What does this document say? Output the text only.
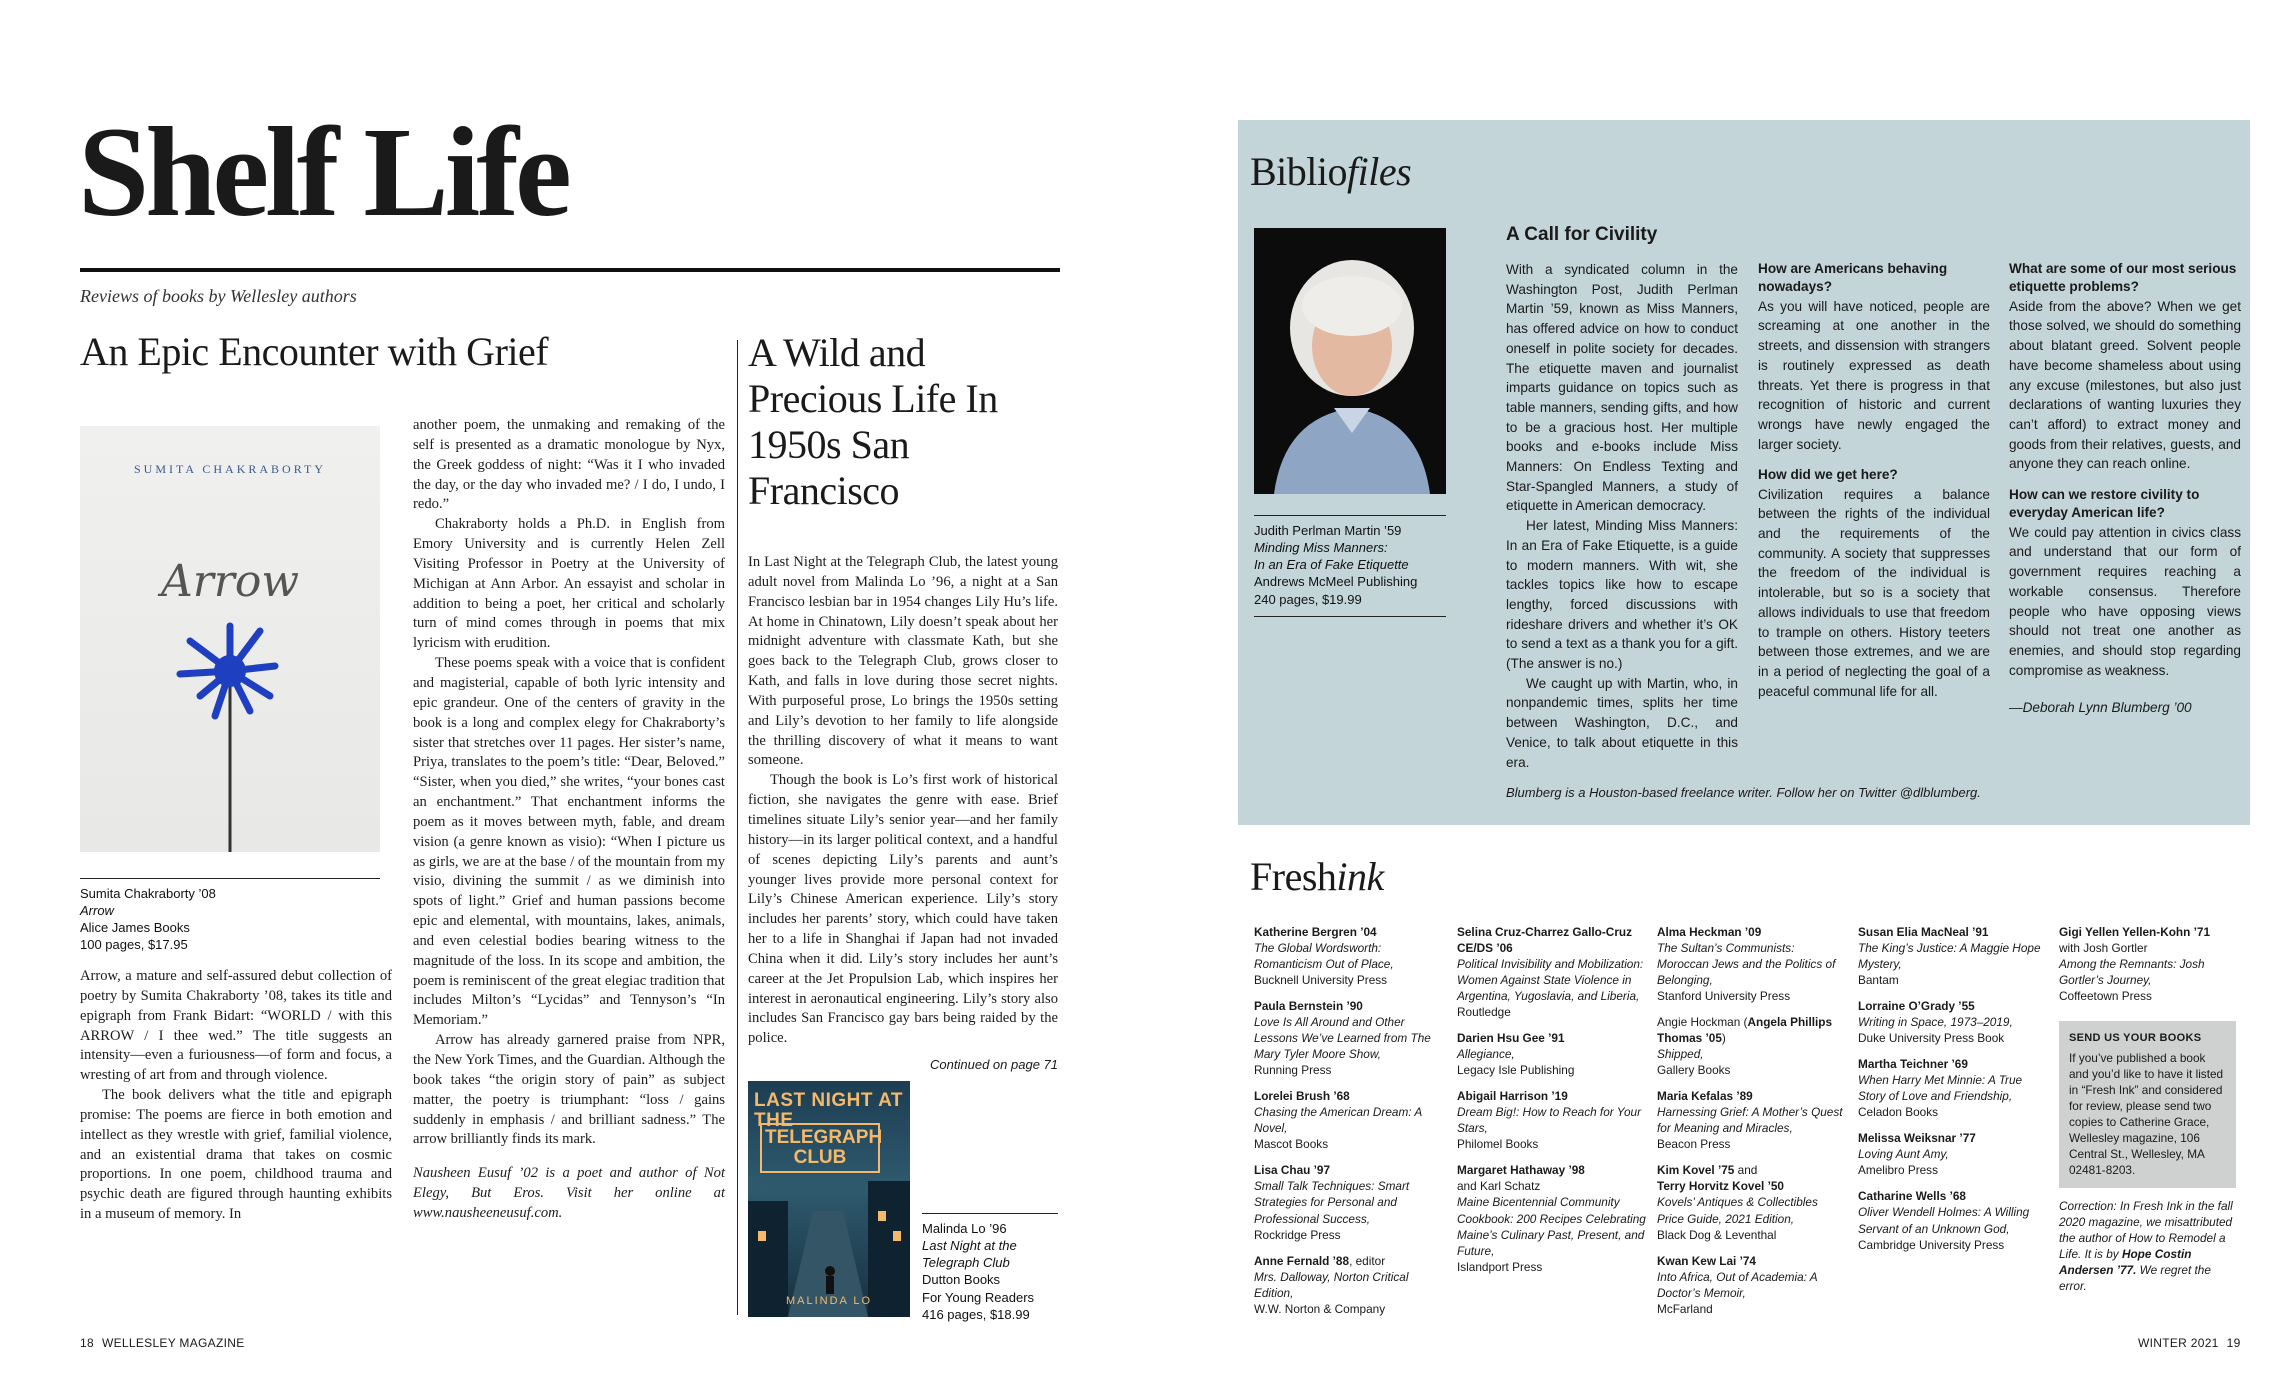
Shelf Life
Reviews of books by Wellesley authors
An Epic Encounter with Grief
SUMITA CHAKRABORTY
Arrow
Sumita Chakraborty ’08
Arrow
Alice James Books
100 pages, $17.95

Arrow, a mature and self-assured debut collection of poetry by Sumita Chakraborty ’08, takes its title and epigraph from Frank Bidart: “WORLD / with this ARROW / I thee wed.” The title suggests an intensity—even a furiousness—of form and focus, a wresting of art from and through violence.

The book delivers what the title and epigraph promise: The poems are fierce in both emotion and intellect as they wrestle with grief, familial violence, and an existential drama that takes on cosmic proportions. In one poem, childhood trauma and psychic death are figured through haunting exhibits in a museum of memory. In

another poem, the unmaking and remaking of the self is presented as a dramatic monologue by Nyx, the Greek goddess of night: “Was it I who invaded the day, or the day who invaded me? / I do, I undo, I redo.”

Chakraborty holds a Ph.D. in English from Emory University and is currently Helen Zell Visiting Professor in Poetry at the University of Michigan at Ann Arbor. An essayist and scholar in addition to being a poet, her critical and scholarly turn of mind comes through in poems that mix lyricism with erudition.

These poems speak with a voice that is confident and magisterial, capable of both lyric intensity and epic grandeur. One of the centers of gravity in the book is a long and complex elegy for Chakraborty’s sister that stretches over 11 pages. Her sister’s name, Priya, translates to the poem’s title: “Dear, Beloved.” “Sister, when you died,” she writes, “your bones cast an enchantment.” That enchantment informs the poem as it moves between myth, fable, and dream vision (a genre known as visio): “When I picture us as girls, we are at the base / of the mountain from my visio, divining the summit / as we diminish into spots of light.” Grief and human passions become epic and elemental, with mountains, lakes, animals, and even celestial bodies bearing witness to the magnitude of the loss. In its scope and ambition, the poem is reminiscent of the great elegiac tradition that includes Milton’s “Lycidas” and Tennyson’s “In Memoriam.”

Arrow has already garnered praise from NPR, the New York Times, and the Guardian. Although the book takes “the origin story of pain” as subject matter, the poetry is triumphant: “loss / gains suddenly in emphasis / and brilliant sadness.” The arrow brilliantly finds its mark.

Nausheen Eusuf ’02 is a poet and author of Not Elegy, But Eros. Visit her online at www.nausheeneusuf.com.

A Wild and Precious Life In 1950s San Francisco

In Last Night at the Telegraph Club, the latest young adult novel from Malinda Lo ’96, a night at a San Francisco lesbian bar in 1954 changes Lily Hu’s life. At home in Chinatown, Lily doesn’t speak about her midnight adventure with classmate Kath, but she goes back to the Telegraph Club, grows closer to Kath, and falls in love during those secret nights. With purposeful prose, Lo brings the 1950s setting and Lily’s devotion to her family to life alongside the thrilling discovery of what it means to want someone.

Though the book is Lo’s first work of historical fiction, she navigates the genre with ease. Brief timelines situate Lily’s senior year—and her family history—in its larger political context, and a handful of scenes depicting Lily’s parents and aunt’s younger lives provide more personal context for Lily’s Chinese American experience. Lily’s story includes her parents’ story, which could have taken her to a life in Shanghai if Japan had not invaded China when it did. Lily’s story includes her aunt’s career at the Jet Propulsion Lab, which inspires her interest in aeronautical engineering. Lily’s story also includes San Francisco gay bars being raided by the police.

Continued on page 71
LAST NIGHT AT THE
TELEGRAPH CLUB
MALINDA LO
Malinda Lo ’96
Last Night at the Telegraph Club
Dutton Books
For Young Readers
416 pages, $18.99
18 WELLESLEY MAGAZINE
Bibliofiles
Judith Perlman Martin ’59
Minding Miss Manners:
In an Era of Fake Etiquette
Andrews McMeel Publishing
240 pages, $19.99
A Call for Civility

With a syndicated column in the Washington Post, Judith Perlman Martin ’59, known as Miss Manners, has offered advice on how to conduct oneself in polite society for decades. The etiquette maven and journalist imparts guidance on topics such as table manners, sending gifts, and how to be a gracious host. Her multiple books and e-books include Miss Manners: On Endless Texting and Star-Spangled Manners, a study of etiquette in American democracy.

Her latest, Minding Miss Manners: In an Era of Fake Etiquette, is a guide to modern manners. With wit, she tackles topics like how to escape lengthy, forced discussions with rideshare drivers and whether it’s OK to send a text as a thank you for a gift. (The answer is no.)

We caught up with Martin, who, in nonpandemic times, splits her time between Washington, D.C., and Venice, to talk about etiquette in this era.

How are Americans behaving nowadays?

As you will have noticed, people are screaming at one another in the streets, and dissension with strangers is routinely expressed as death threats. Yet there is progress in that recognition of historic and current wrongs have newly engaged the larger society.

How did we get here?

Civilization requires a balance between the rights of the individual and the requirements of the community. A society that suppresses the freedom of the individual is intolerable, but so is a society that allows individuals to use that freedom to trample on others. History teeters between those extremes, and we are in a period of neglecting the goal of a peaceful communal life for all.

What are some of our most serious etiquette problems?

Aside from the above? When we get those solved, we should do something about blatant greed. Solvent people have become shameless about using any excuse (milestones, but also just declarations of wanting luxuries they can’t afford) to extract money and goods from their relatives, guests, and anyone they can reach online.

How can we restore civility to everyday American life?

We could pay attention in civics class and understand that our form of government requires reaching a workable consensus. Therefore people who have opposing views should not treat one another as enemies, and should stop regarding compromise as weakness.

—Deborah Lynn Blumberg ’00
Blumberg is a Houston-based freelance writer. Follow her on Twitter @dlblumberg.
Freshink
Katherine Bergren ’04
The Global Wordsworth: Romanticism Out of Place,
Bucknell University Press
Paula Bernstein ’90
Love Is All Around and Other Lessons We’ve Learned from The Mary Tyler Moore Show,
Running Press
Lorelei Brush ’68
Chasing the American Dream: A Novel,
Mascot Books
Lisa Chau ’97
Small Talk Techniques: Smart Strategies for Personal and Professional Success,
Rockridge Press
Anne Fernald ’88, editor
Mrs. Dalloway, Norton Critical Edition,
W.W. Norton & Company
Selina Cruz-Charrez Gallo-Cruz CE/DS ’06
Political Invisibility and Mobilization: Women Against State Violence in Argentina, Yugoslavia, and Liberia,
Routledge
Darien Hsu Gee ’91
Allegiance,
Legacy Isle Publishing
Abigail Harrison ’19
Dream Big!: How to Reach for Your Stars,
Philomel Books
Margaret Hathaway ’98
and Karl Schatz
Maine Bicentennial Community Cookbook: 200 Recipes Celebrating Maine’s Culinary Past, Present, and Future,
Islandport Press
Alma Heckman ’09
The Sultan’s Communists: Moroccan Jews and the Politics of Belonging,
Stanford University Press
Angie Hockman (Angela Phillips Thomas ’05)
Shipped,
Gallery Books
Maria Kefalas ’89
Harnessing Grief: A Mother’s Quest for Meaning and Miracles,
Beacon Press
Kim Kovel ’75 and
Terry Horvitz Kovel ’50
Kovels’ Antiques & Collectibles Price Guide, 2021 Edition,
Black Dog & Leventhal
Kwan Kew Lai ’74
Into Africa, Out of Academia: A Doctor’s Memoir,
McFarland
Susan Elia MacNeal ’91
The King’s Justice: A Maggie Hope Mystery,
Bantam
Lorraine O’Grady ’55
Writing in Space, 1973–2019,
Duke University Press Book
Martha Teichner ’69
When Harry Met Minnie: A True Story of Love and Friendship,
Celadon Books
Melissa Weiksnar ’77
Loving Aunt Amy,
Amelibro Press
Catharine Wells ’68
Oliver Wendell Holmes: A Willing Servant of an Unknown God,
Cambridge University Press
Gigi Yellen Yellen-Kohn ’71
with Josh Gortler
Among the Remnants: Josh Gortler’s Journey,
Coffeetown Press
SEND US YOUR BOOKS
If you’ve published a book and you’d like to have it listed in “Fresh Ink” and considered for review, please send two copies to Catherine Grace, Wellesley magazine, 106 Central St., Wellesley, MA 02481-8203.
Correction: In Fresh Ink in the fall 2020 magazine, we misattributed the author of How to Remodel a Life. It is by Hope Costin Andersen ’77. We regret the error.
WINTER 2021 19
